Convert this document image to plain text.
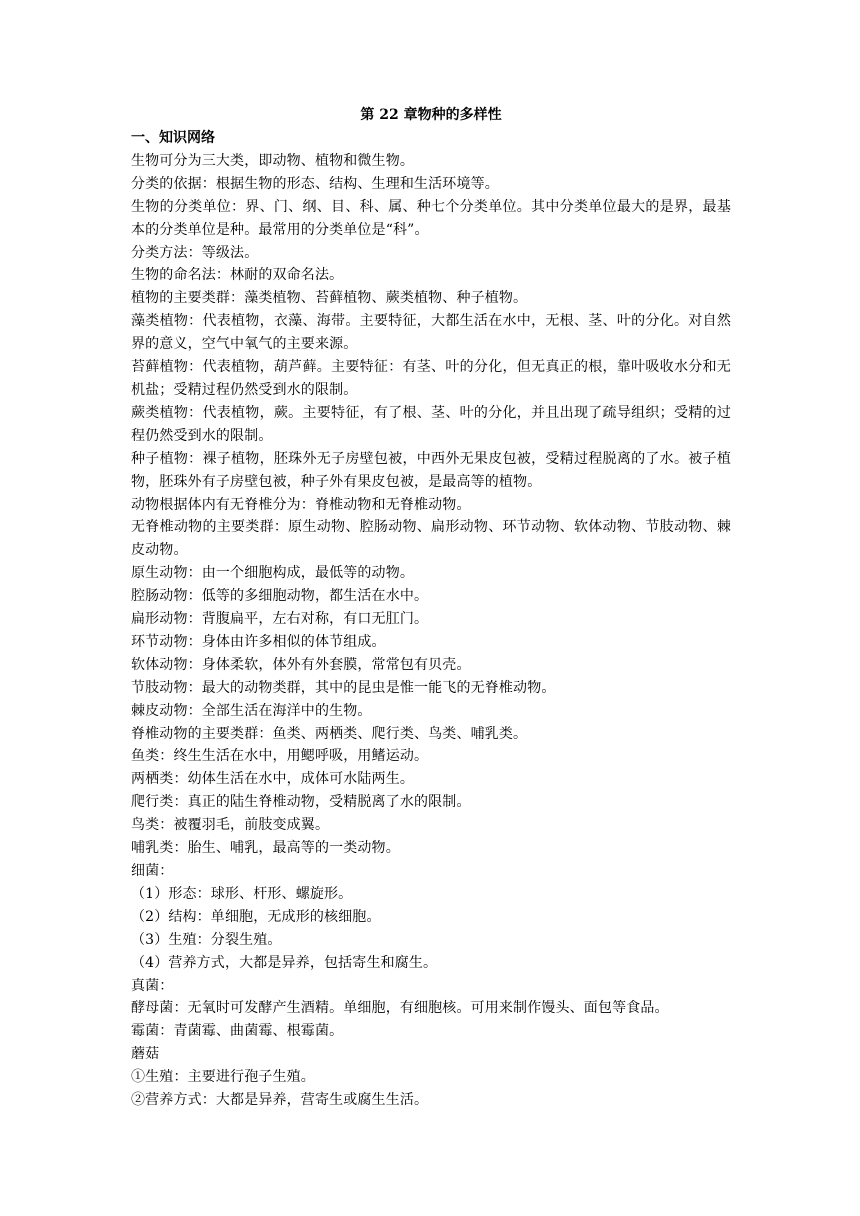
第 22 章物种的多样性

一、知识网络

生物可分为三大类，即动物、植物和微生物。

分类的依据：根据生物的形态、结构、生理和生活环境等。

生物的分类单位：界、门、纲、目、科、属、种七个分类单位。其中分类单位最大的是界，最基本的分类单位是种。最常用的分类单位是“科”。

分类方法：等级法。

生物的命名法：林耐的双命名法。

植物的主要类群：藻类植物、苔藓植物、蕨类植物、种子植物。

藻类植物：代表植物，衣藻、海带。主要特征，大都生活在水中，无根、茎、叶的分化。对自然界的意义，空气中氧气的主要来源。

苔藓植物：代表植物，葫芦藓。主要特征：有茎、叶的分化，但无真正的根，靠叶吸收水分和无机盐；受精过程仍然受到水的限制。

蕨类植物：代表植物，蕨。主要特征，有了根、茎、叶的分化，并且出现了疏导组织；受精的过程仍然受到水的限制。

种子植物：裸子植物，胚珠外无子房壁包被，中西外无果皮包被，受精过程脱离的了水。被子植物，胚珠外有子房壁包被，种子外有果皮包被，是最高等的植物。

动物根据体内有无脊椎分为：脊椎动物和无脊椎动物。

无脊椎动物的主要类群：原生动物、腔肠动物、扁形动物、环节动物、软体动物、节肢动物、棘皮动物。

原生动物：由一个细胞构成，最低等的动物。

腔肠动物：低等的多细胞动物，都生活在水中。

扁形动物：背腹扁平，左右对称，有口无肛门。

环节动物：身体由许多相似的体节组成。

软体动物：身体柔软，体外有外套膜，常常包有贝壳。

节肢动物：最大的动物类群，其中的昆虫是惟一能飞的无脊椎动物。

棘皮动物：全部生活在海洋中的生物。

脊椎动物的主要类群：鱼类、两栖类、爬行类、鸟类、哺乳类。

鱼类：终生生活在水中，用鳃呼吸，用鳍运动。

两栖类：幼体生活在水中，成体可水陆两生。

爬行类：真正的陆生脊椎动物，受精脱离了水的限制。

鸟类：被覆羽毛，前肢变成翼。

哺乳类：胎生、哺乳，最高等的一类动物。

细菌：

（1）形态：球形、杆形、螺旋形。

（2）结构：单细胞，无成形的核细胞。

（3）生殖：分裂生殖。

（4）营养方式，大都是异养，包括寄生和腐生。

真菌：

酵母菌：无氧时可发酵产生酒精。单细胞，有细胞核。可用来制作馒头、面包等食品。

霉菌：青菌霉、曲菌霉、根霉菌。

蘑菇

①生殖：主要进行孢子生殖。

②营养方式：大都是异养，营寄生或腐生生活。
